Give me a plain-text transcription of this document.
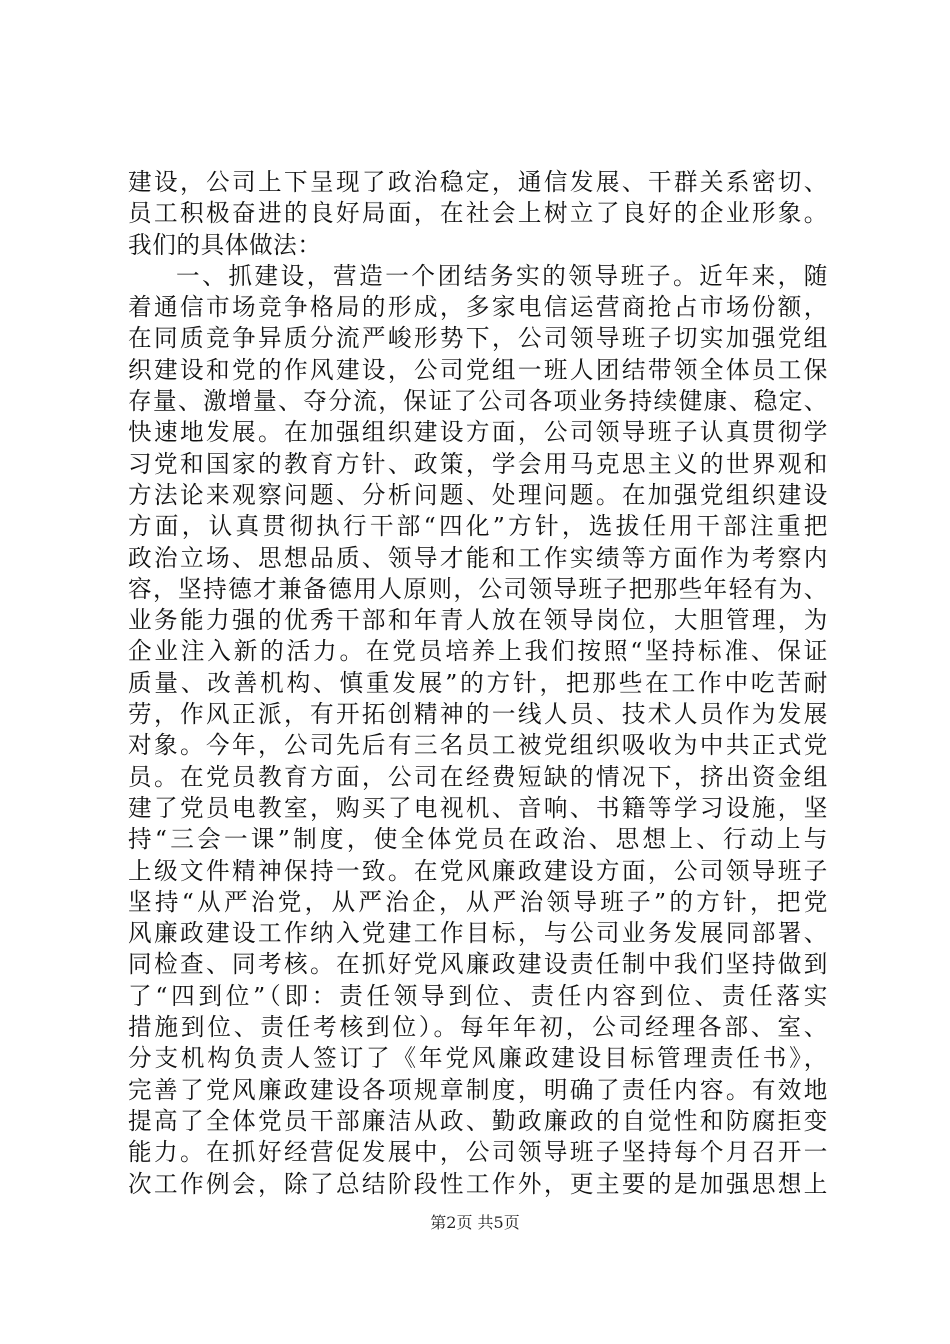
建设，公司上下呈现了政治稳定，通信发展、干群关系密切、
员工积极奋进的良好局面，在社会上树立了良好的企业形象。
我们的具体做法：
一、抓建设，营造一个团结务实的领导班子。近年来，随
着通信市场竞争格局的形成，多家电信运营商抢占市场份额，
在同质竞争异质分流严峻形势下，公司领导班子切实加强党组
织建设和党的作风建设，公司党组一班人团结带领全体员工保
存量、激增量、夺分流，保证了公司各项业务持续健康、稳定、
快速地发展。在加强组织建设方面，公司领导班子认真贯彻学
习党和国家的教育方针、政策，学会用马克思主义的世界观和
方法论来观察问题、分析问题、处理问题。在加强党组织建设
方面，认真贯彻执行干部“四化”方针，选拔任用干部注重把
政治立场、思想品质、领导才能和工作实绩等方面作为考察内
容，坚持德才兼备德用人原则，公司领导班子把那些年轻有为、
业务能力强的优秀干部和年青人放在领导岗位，大胆管理，为
企业注入新的活力。在党员培养上我们按照“坚持标准、保证
质量、改善机构、慎重发展”的方针，把那些在工作中吃苦耐
劳，作风正派，有开拓创精神的一线人员、技术人员作为发展
对象。今年，公司先后有三名员工被党组织吸收为中共正式党
员。在党员教育方面，公司在经费短缺的情况下，挤出资金组
建了党员电教室，购买了电视机、音响、书籍等学习设施，坚
持“三会一课”制度，使全体党员在政治、思想上、行动上与
上级文件精神保持一致。在党风廉政建设方面，公司领导班子
坚持“从严治党，从严治企，从严治领导班子”的方针，把党
风廉政建设工作纳入党建工作目标，与公司业务发展同部署、
同检查、同考核。在抓好党风廉政建设责任制中我们坚持做到
了“四到位”（即：责任领导到位、责任内容到位、责任落实
措施到位、责任考核到位）。每年年初，公司经理各部、室、
分支机构负责人签订了《年党风廉政建设目标管理责任书》，
完善了党风廉政建设各项规章制度，明确了责任内容。有效地
提高了全体党员干部廉洁从政、勤政廉政的自觉性和防腐拒变
能力。在抓好经营促发展中，公司领导班子坚持每个月召开一
次工作例会，除了总结阶段性工作外，更主要的是加强思想上
第2页 共5页
